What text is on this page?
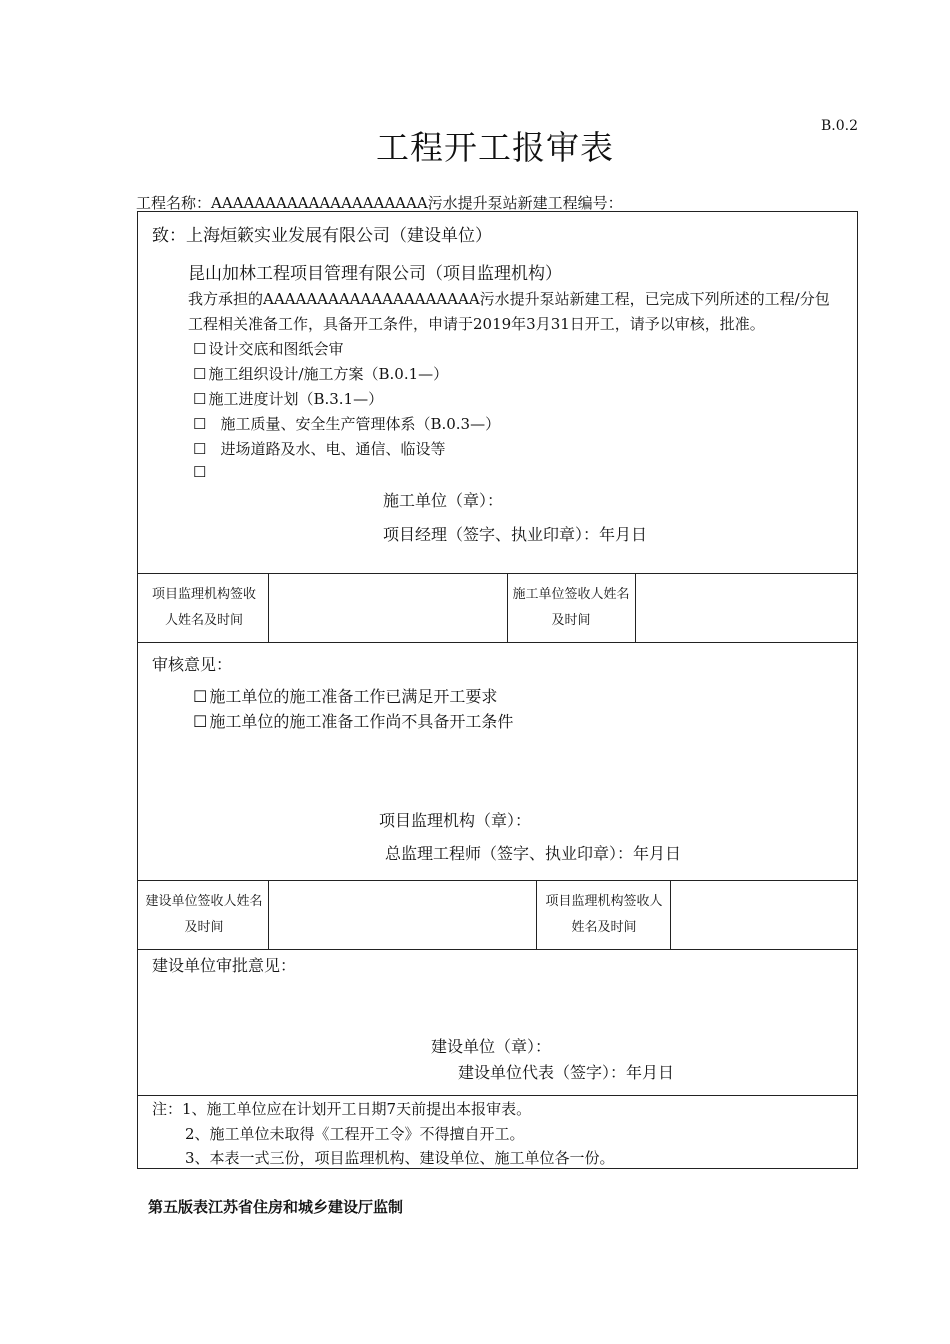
B.0.2
工程开工报审表
工程名称：AAAAAAAAAAAAAAAAAAAA污水提升泵站新建工程编号：
致：上海烜簌实业发展有限公司（建设单位）
昆山加林工程项目管理有限公司（项目监理机构）
我方承担的AAAAAAAAAAAAAAAAAAAA污水提升泵站新建工程，已完成下列所述的工程/分包
工程相关准备工作，具备开工条件，申请于2019年3月31日开工，请予以审核，批准。
☐ 设计交底和图纸会审
☐ 施工组织设计/施工方案（B.0.1—）
☐ 施工进度计划（B.3.1—）
☐ 施工质量、安全生产管理体系（B.0.3—）
☐ 进场道路及水、电、通信、临设等
☐
施工单位（章）：
项目经理（签字、执业印章）：年月日
项目监理机构签收人姓名及时间
施工单位签收人姓名及时间
审核意见：
☐ 施工单位的施工准备工作已满足开工要求
☐ 施工单位的施工准备工作尚不具备开工条件
项目监理机构（章）：
总监理工程师（签字、执业印章）：年月日
建设单位签收人姓名及时间
项目监理机构签收人姓名及时间
建设单位审批意见：
建设单位（章）：
建设单位代表（签字）：年月日
注：1、施工单位应在计划开工日期7天前提出本报审表。
2、施工单位未取得《工程开工令》不得擅自开工。
3、本表一式三份，项目监理机构、建设单位、施工单位各一份。
第五版表江苏省住房和城乡建设厅监制
